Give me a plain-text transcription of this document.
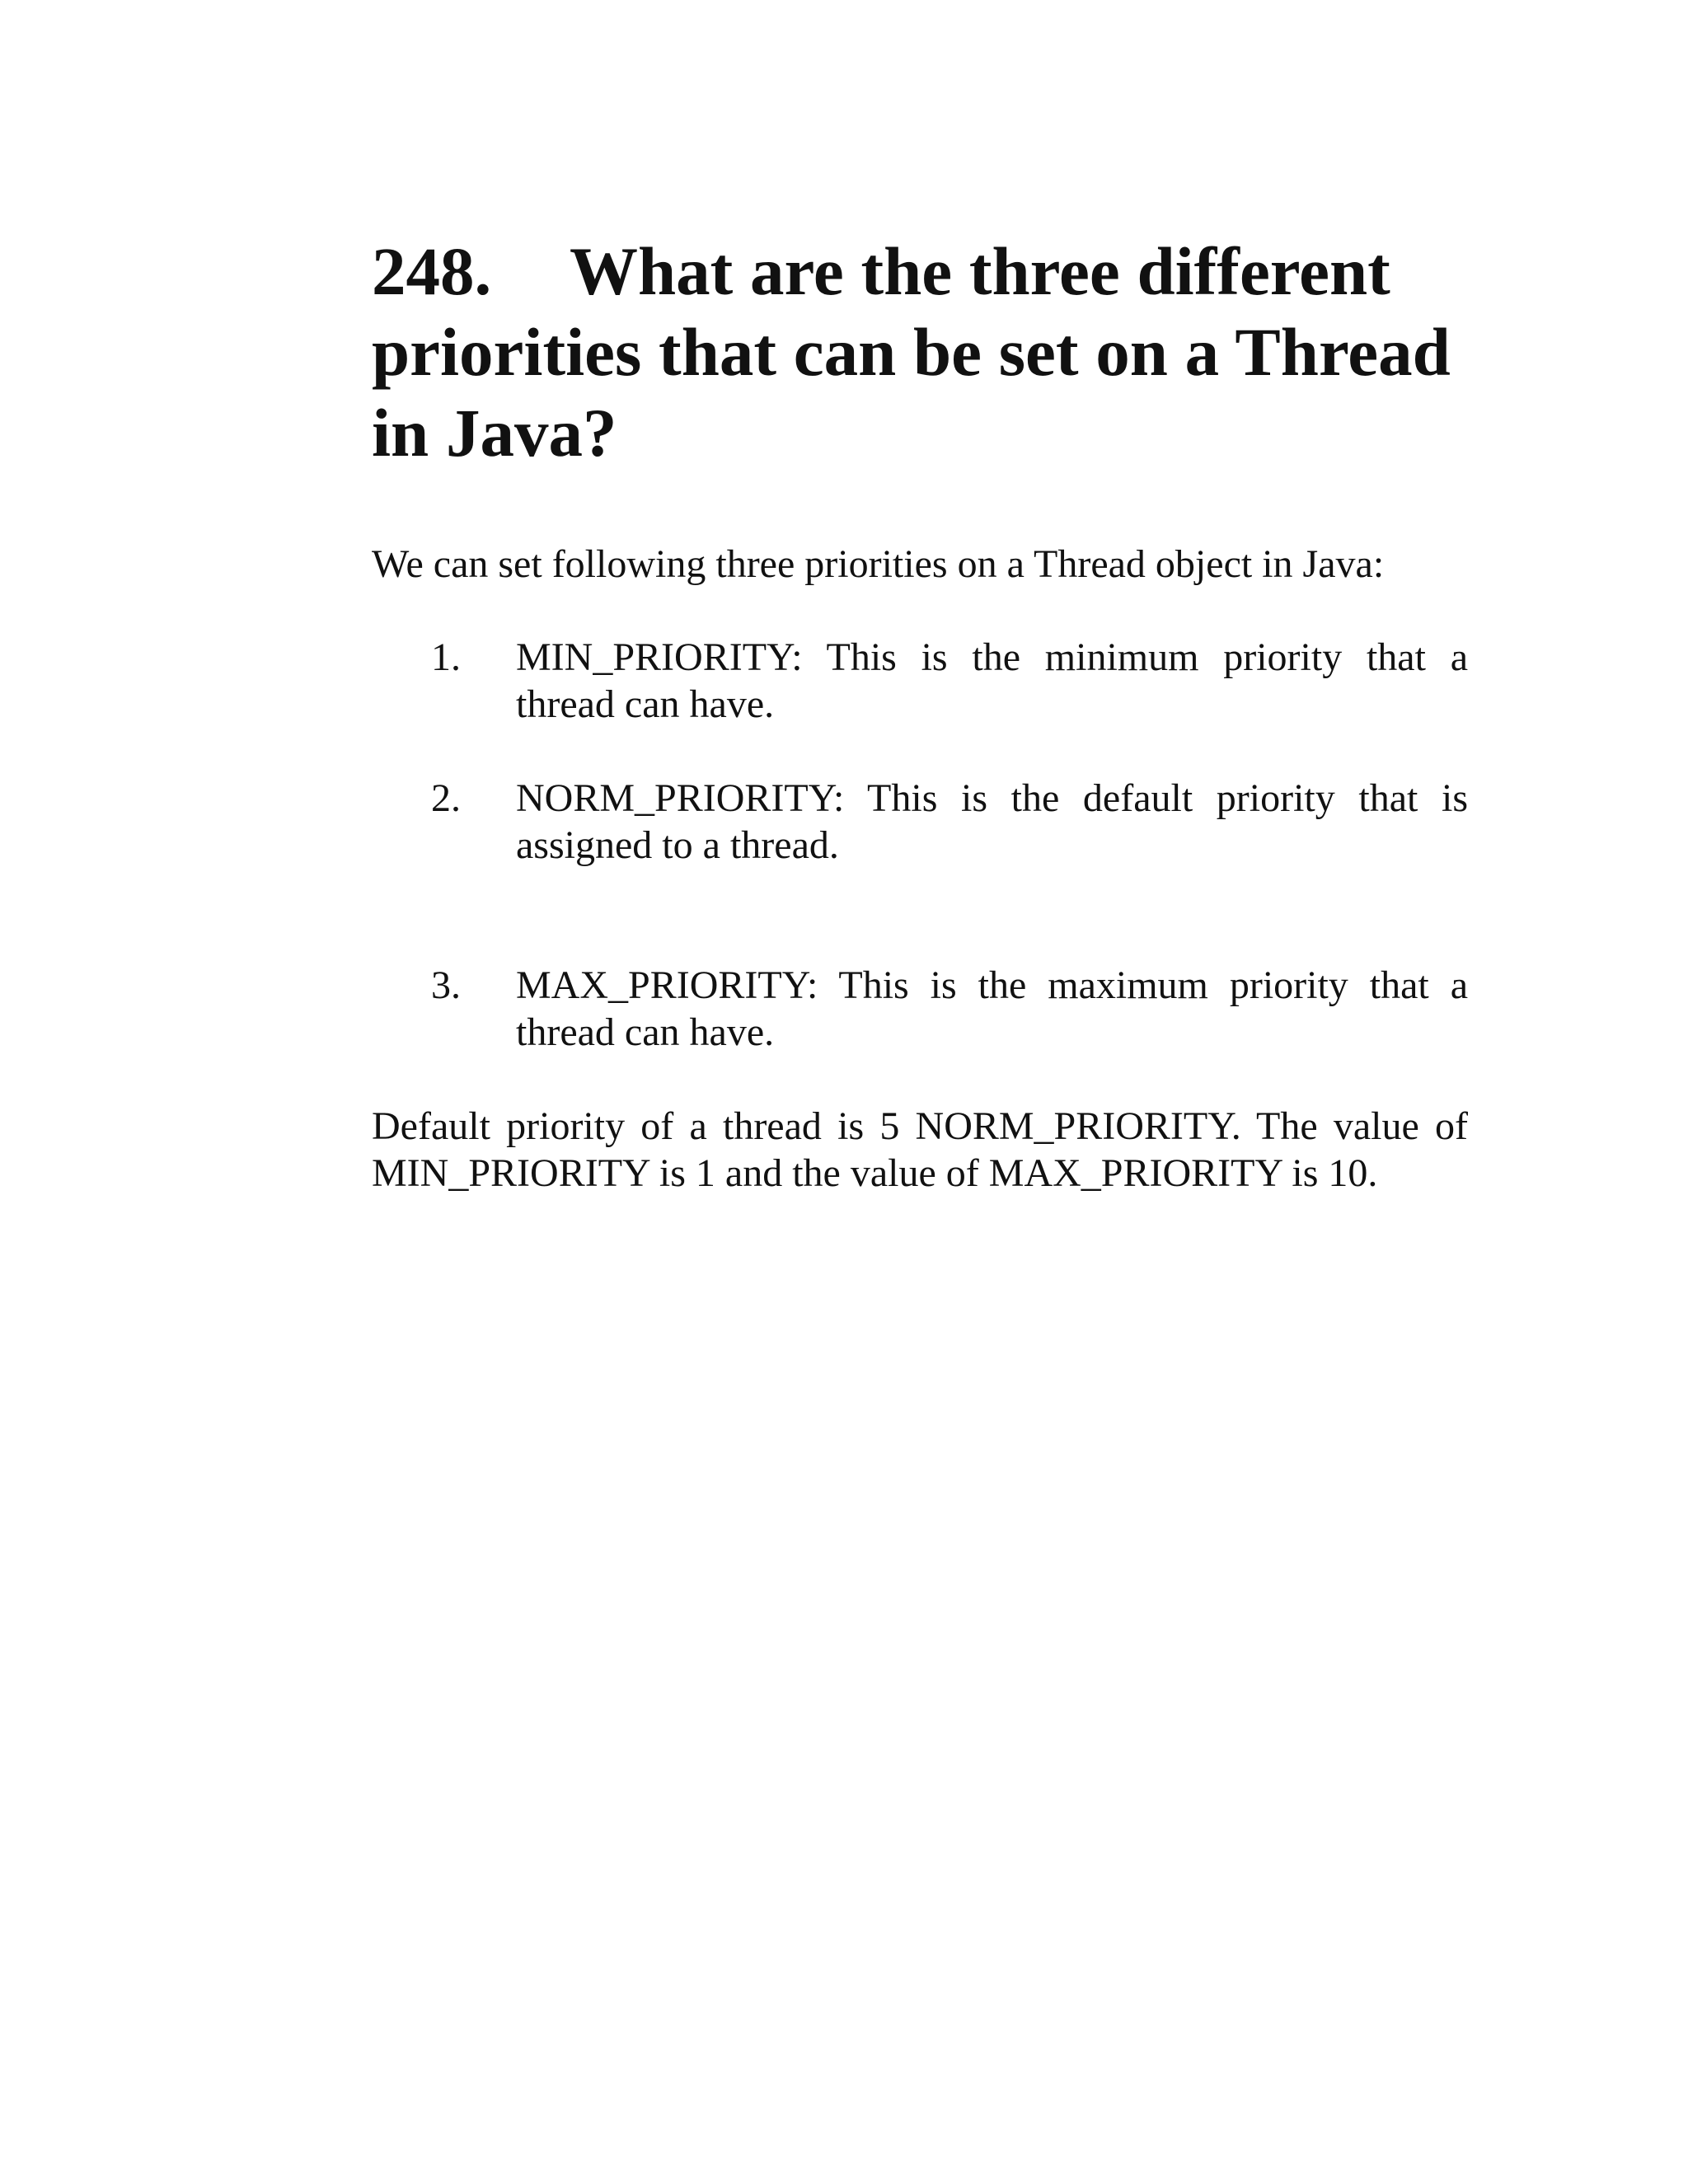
248. What are the three different priorities that can be set on a Thread in Java?

We can set following three priorities on a Thread object in Java:

1.	MIN_PRIORITY: This is the minimum priority that a thread can have.
2.	NORM_PRIORITY: This is the default priority that is assigned to a thread.
3.	MAX_PRIORITY: This is the maximum priority that a thread can have.

Default priority of a thread is 5 NORM_PRIORITY. The value of MIN_PRIORITY is 1 and the value of MAX_PRIORITY is 10.
